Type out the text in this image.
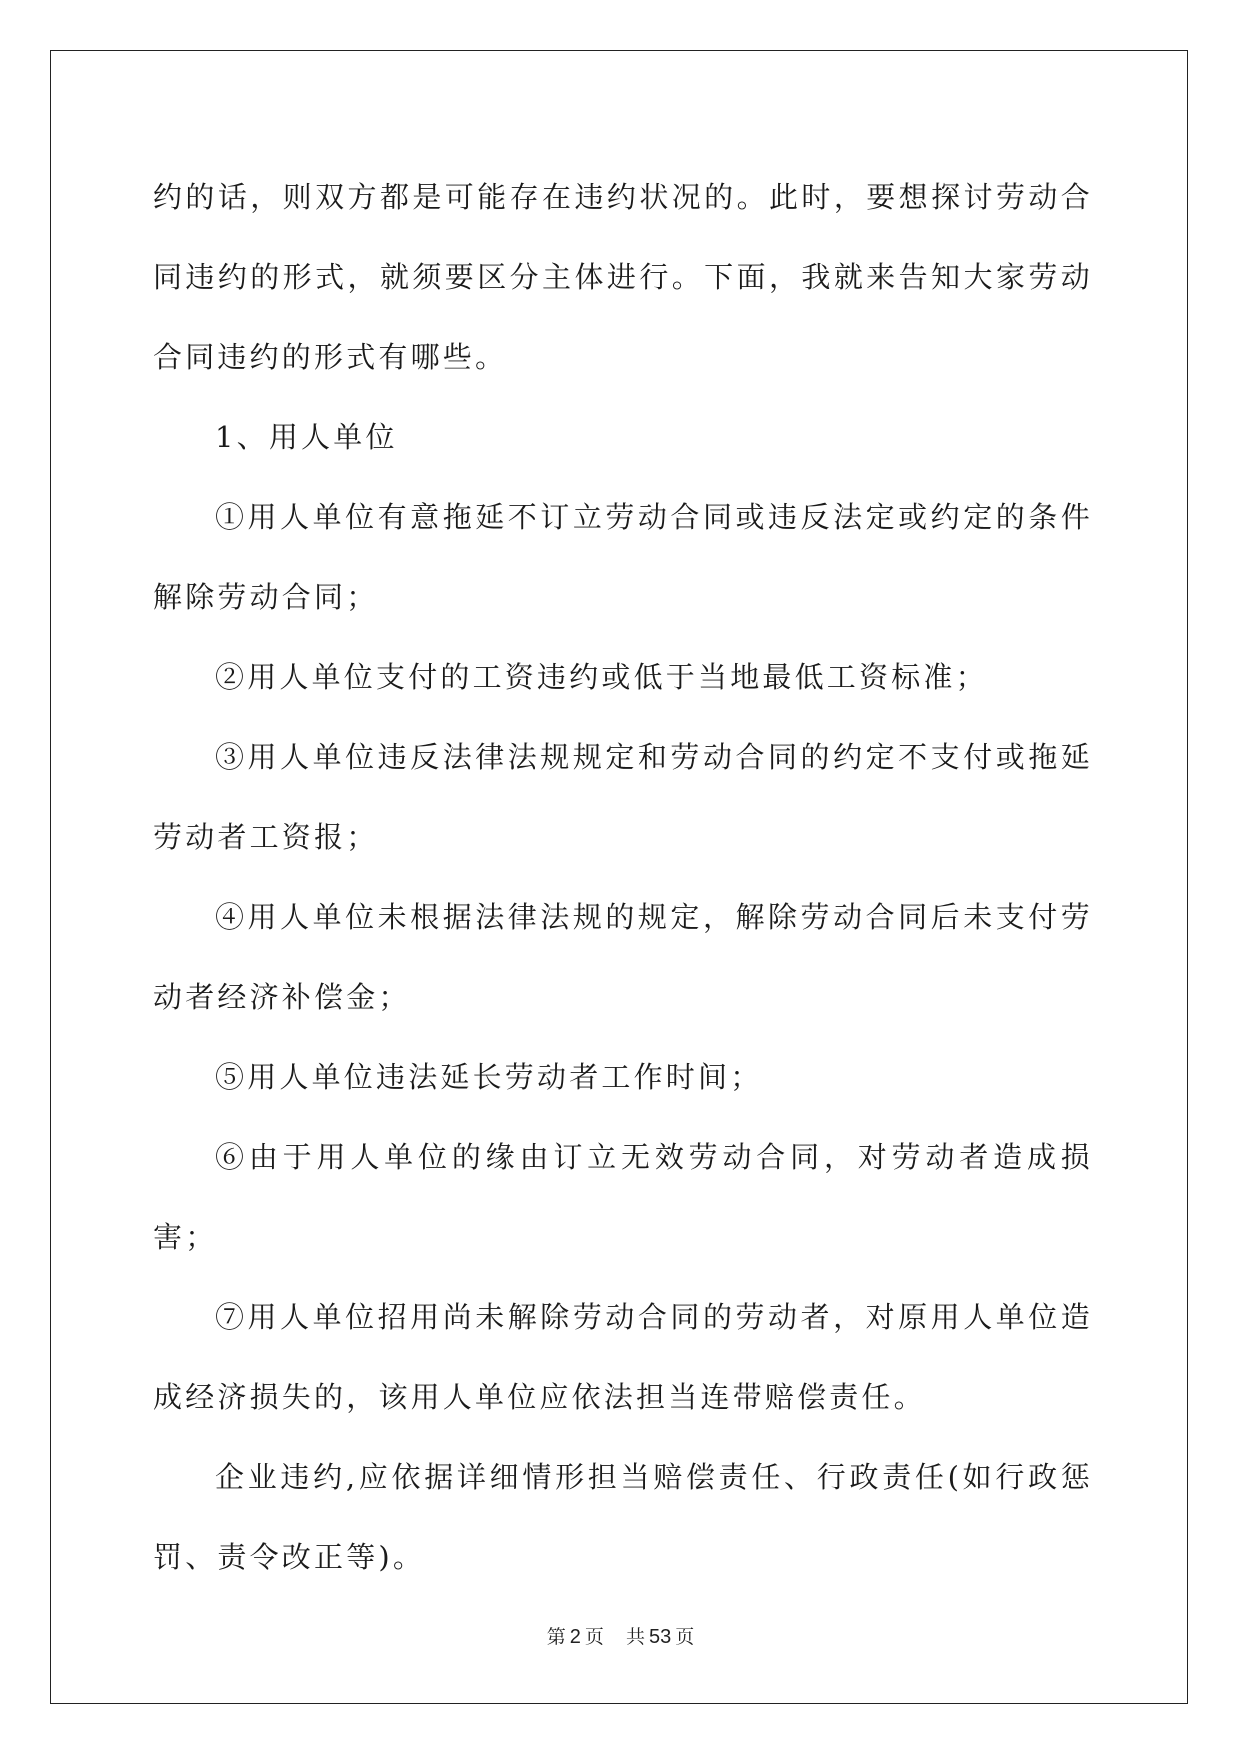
约的话，则双方都是可能存在违约状况的。此时，要想探讨劳动合同违约的形式，就须要区分主体进行。下面，我就来告知大家劳动合同违约的形式有哪些。

1、用人单位

①用人单位有意拖延不订立劳动合同或违反法定或约定的条件解除劳动合同；

②用人单位支付的工资违约或低于当地最低工资标准；

③用人单位违反法律法规规定和劳动合同的约定不支付或拖延劳动者工资报；

④用人单位未根据法律法规的规定，解除劳动合同后未支付劳动者经济补偿金；

⑤用人单位违法延长劳动者工作时间；

⑥由于用人单位的缘由订立无效劳动合同，对劳动者造成损害；

⑦用人单位招用尚未解除劳动合同的劳动者，对原用人单位造成经济损失的，该用人单位应依法担当连带赔偿责任。

企业违约,应依据详细情形担当赔偿责任、行政责任(如行政惩罚、责令改正等)。

第 2 页 共 53 页
